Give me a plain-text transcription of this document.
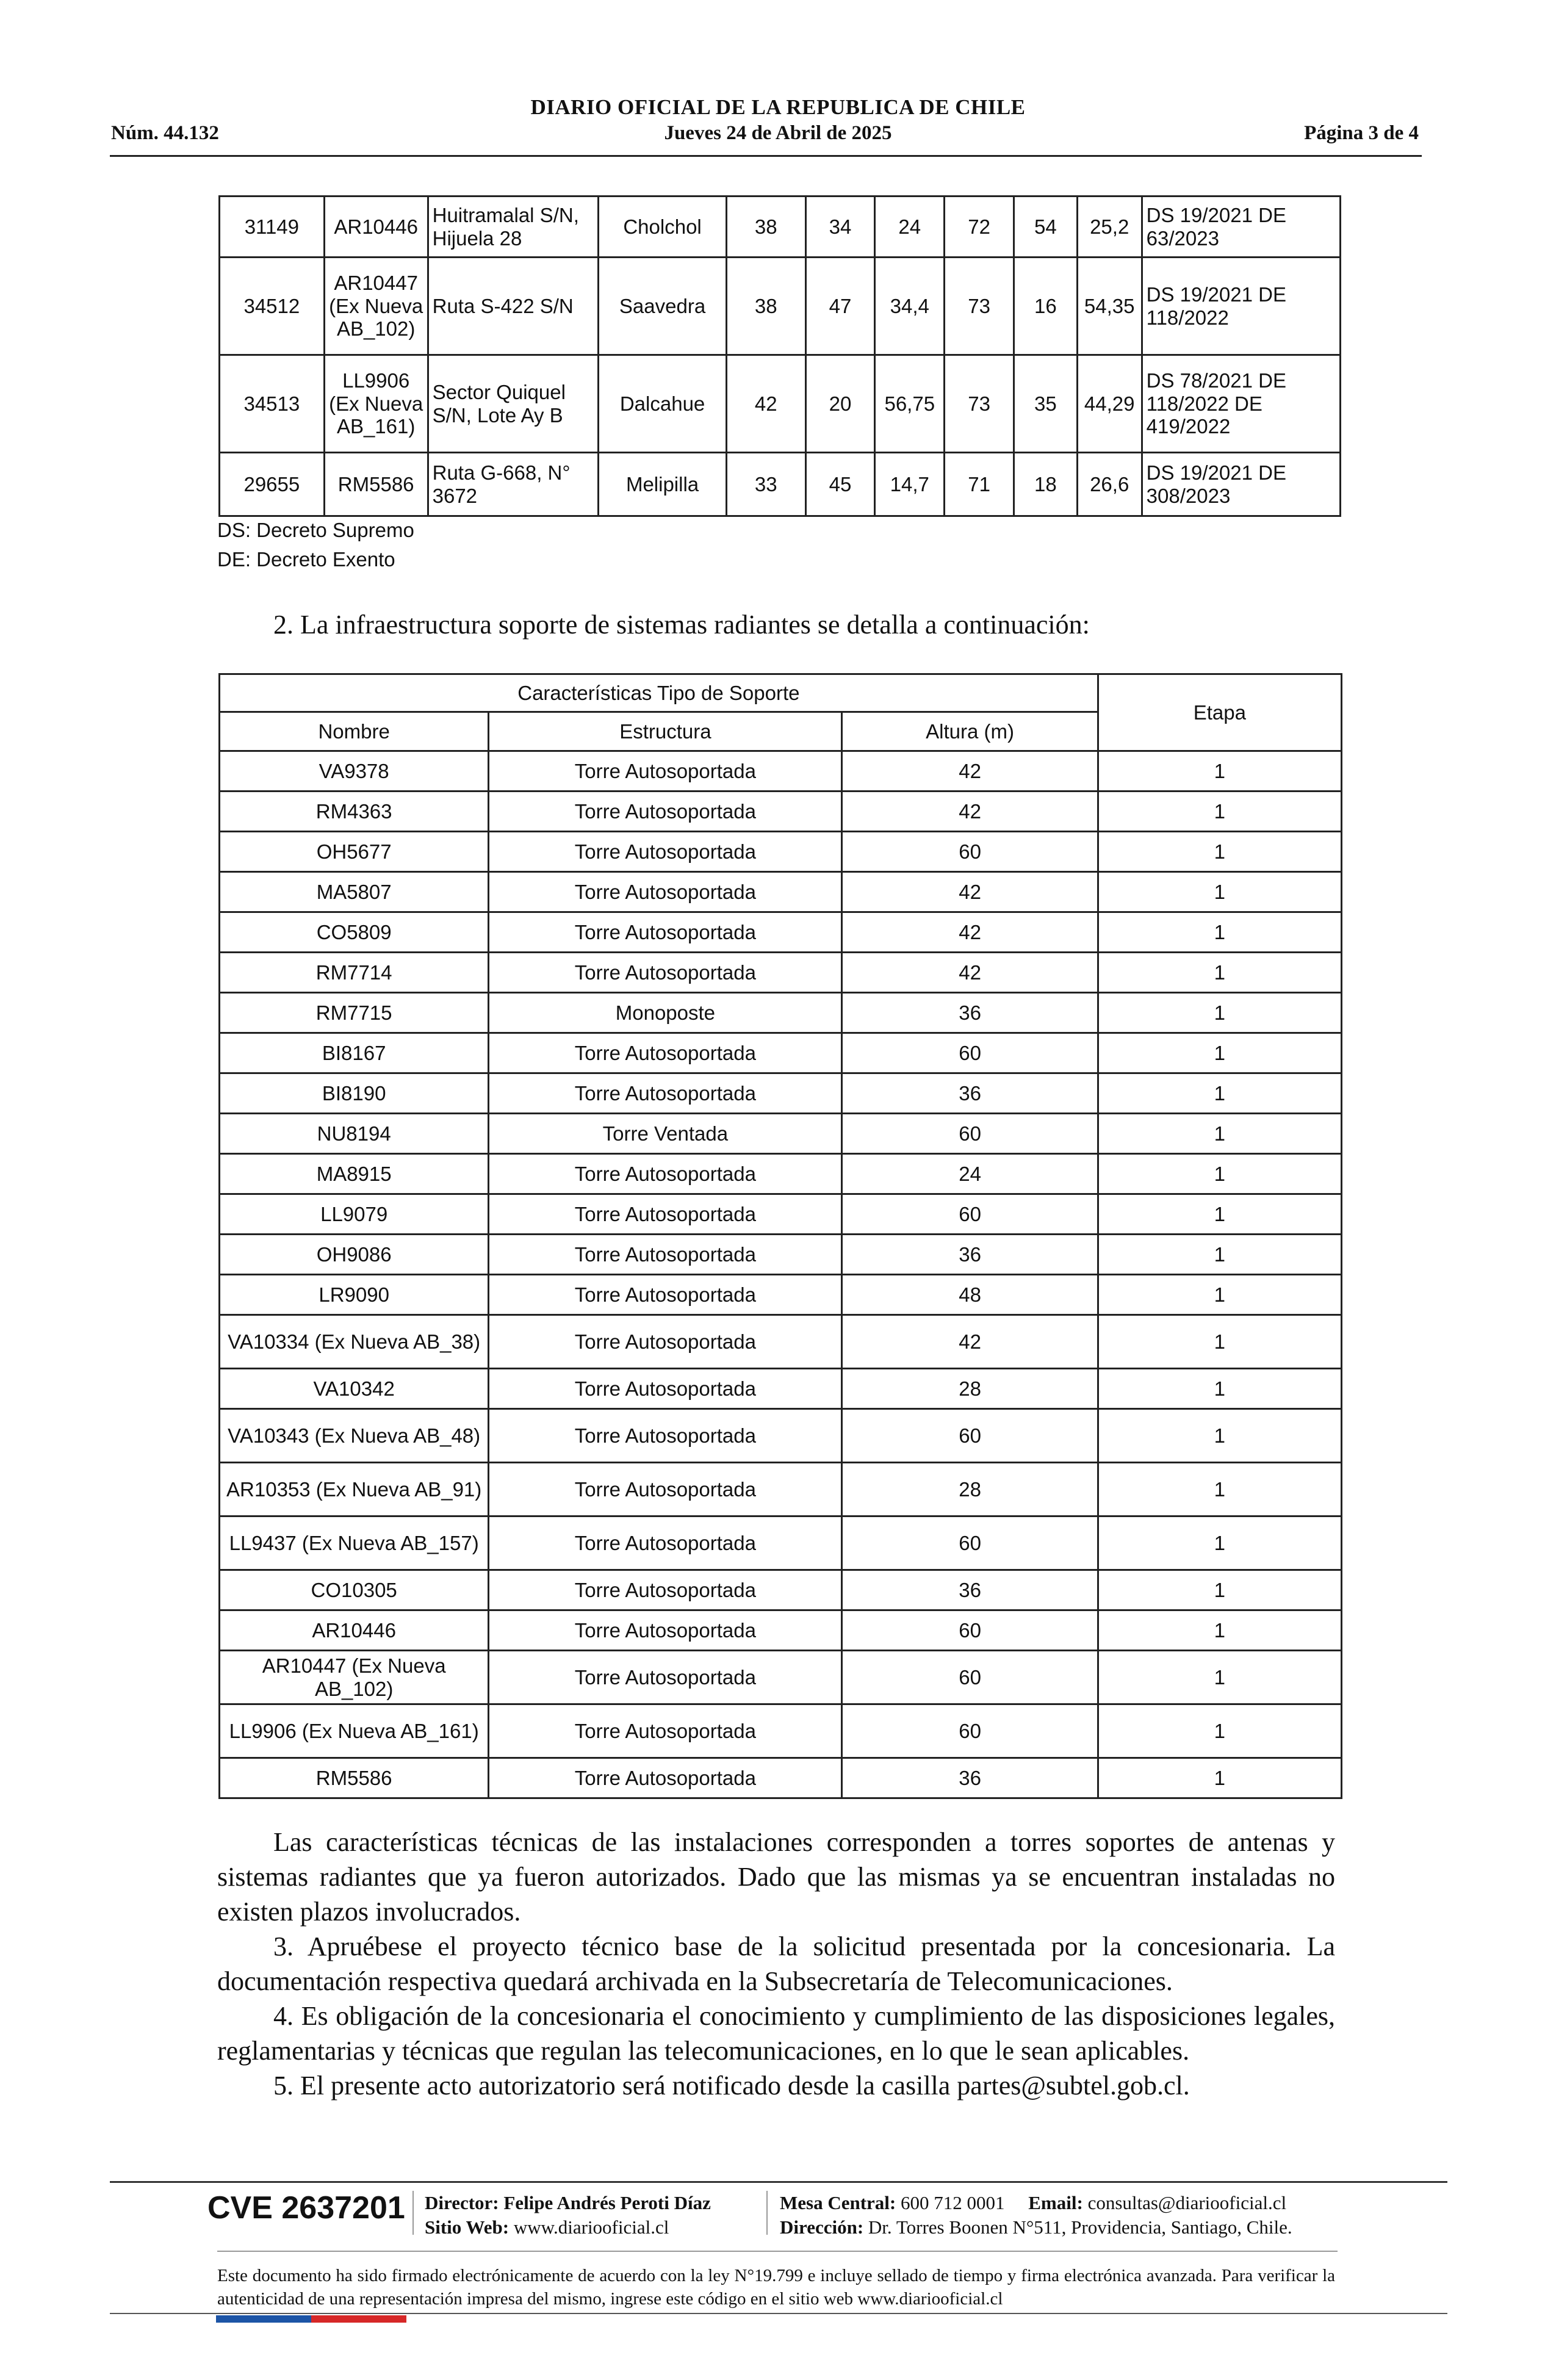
DIARIO OFICIAL DE LA REPUBLICA DE CHILE
Núm. 44.132	Jueves 24 de Abril de 2025	Página 3 de 4
31149	AR10446	Huitramalal S/N, Hijuela 28	Cholchol	38	34	24	72	54	25,2	DS 19/2021 DE 63/2023
34512	AR10447 (Ex Nueva AB_102)	Ruta S-422 S/N	Saavedra	38	47	34,4	73	16	54,35	DS 19/2021 DE 118/2022
34513	LL9906 (Ex Nueva AB_161)	Sector Quiquel S/N, Lote Ay B	Dalcahue	42	20	56,75	73	35	44,29	DS 78/2021 DE 118/2022 DE 419/2022
29655	RM5586	Ruta G-668, N° 3672	Melipilla	33	45	14,7	71	18	26,6	DS 19/2021 DE 308/2023
DS: Decreto Supremo
DE: Decreto Exento
2. La infraestructura soporte de sistemas radiantes se detalla a continuación:
Características Tipo de Soporte			Etapa
Nombre	Estructura	Altura (m)	
VA9378	Torre Autosoportada	42	1
RM4363	Torre Autosoportada	42	1
OH5677	Torre Autosoportada	60	1
MA5807	Torre Autosoportada	42	1
CO5809	Torre Autosoportada	42	1
RM7714	Torre Autosoportada	42	1
RM7715	Monoposte	36	1
BI8167	Torre Autosoportada	60	1
BI8190	Torre Autosoportada	36	1
NU8194	Torre Ventada	60	1
MA8915	Torre Autosoportada	24	1
LL9079	Torre Autosoportada	60	1
OH9086	Torre Autosoportada	36	1
LR9090	Torre Autosoportada	48	1
VA10334 (Ex Nueva AB_38)	Torre Autosoportada	42	1
VA10342	Torre Autosoportada	28	1
VA10343 (Ex Nueva AB_48)	Torre Autosoportada	60	1
AR10353 (Ex Nueva AB_91)	Torre Autosoportada	28	1
LL9437 (Ex Nueva AB_157)	Torre Autosoportada	60	1
CO10305	Torre Autosoportada	36	1
AR10446	Torre Autosoportada	60	1
AR10447 (Ex Nueva AB_102)	Torre Autosoportada	60	1
LL9906 (Ex Nueva AB_161)	Torre Autosoportada	60	1
RM5586	Torre Autosoportada	36	1

Las características técnicas de las instalaciones corresponden a torres soportes de antenas y sistemas radiantes que ya fueron autorizados. Dado que las mismas ya se encuentran instaladas no existen plazos involucrados.

3. Apruébese el proyecto técnico base de la solicitud presentada por la concesionaria. La documentación respectiva quedará archivada en la Subsecretaría de Telecomunicaciones.

4. Es obligación de la concesionaria el conocimiento y cumplimiento de las disposiciones legales, reglamentarias y técnicas que regulan las telecomunicaciones, en lo que le sean aplicables.

5. El presente acto autorizatorio será notificado desde la casilla partes@subtel.gob.cl.

CVE 2637201 Director: Felipe Andrés Peroti Díaz
Sitio Web: www.diariooficial.cl
Mesa Central: 600 712 0001 Email: consultas@diariooficial.cl
Dirección: Dr. Torres Boonen N°511, Providencia, Santiago, Chile.
Este documento ha sido firmado electrónicamente de acuerdo con la ley N°19.799 e incluye sellado de tiempo y firma electrónica avanzada. Para verificar la autenticidad de una representación impresa del mismo, ingrese este código en el sitio web www.diariooficial.cl
